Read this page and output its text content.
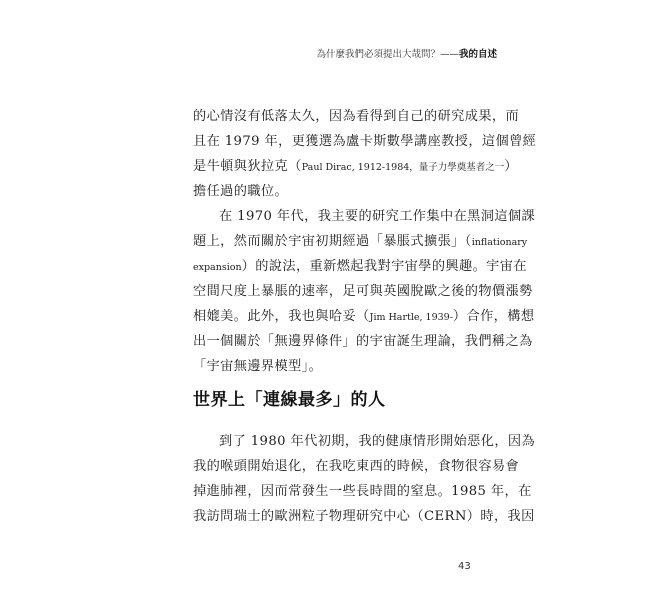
為什麼我們必須提出大哉問？——我的自述
的心情沒有低落太久，因為看得到自己的研究成果，而
且在 1979 年，更獲選為盧卡斯數學講座教授，這個曾經
是牛頓與狄拉克（Paul Dirac, 1912-1984，量子力學奠基者之一）
擔任過的職位。
在 1970 年代，我主要的研究工作集中在黑洞這個課
題上，然而關於宇宙初期經過「暴脹式擴張」（inflationary
expansion）的說法，重新燃起我對宇宙學的興趣。宇宙在
空間尺度上暴脹的速率，足可與英國脫歐之後的物價漲勢
相媲美。此外，我也與哈妥（Jim Hartle, 1939-）合作，構想
出一個關於「無邊界條件」的宇宙誕生理論，我們稱之為
「宇宙無邊界模型」。
世界上「連線最多」的人
到了 1980 年代初期，我的健康情形開始惡化，因為
我的喉頭開始退化，在我吃東西的時候，食物很容易會
掉進肺裡，因而常發生一些長時間的窒息。1985 年，在
我訪問瑞士的歐洲粒子物理研究中心（CERN）時，我因
43
